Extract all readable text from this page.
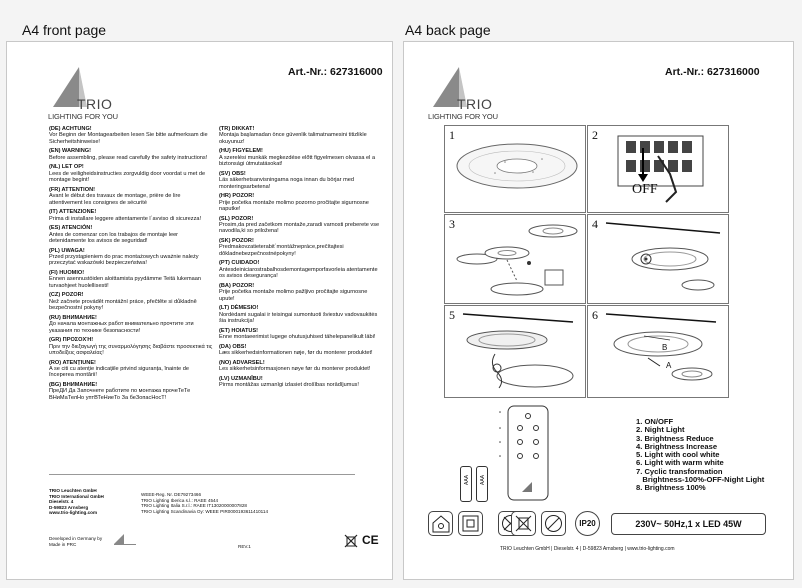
A4 front page	A4 back page
Art.-Nr.: 627316000
TRIO
LIGHTING FOR YOU
(DE) ACHTUNG!
Vor Beginn der Montagearbeiten lesen Sie bitte aufmerksam die Sicherheitshinweise!
(EN) WARNING!
Before assembling, please read carefully the safety instructions!
(NL) LET OP!
Lees de veiligheidsinstructies zorgvuldig door voordat u met de montage begint!
(FR) ATTENTION!
Avant le début des travaux de montage, prière de lire attentivement les consignes de sécurité
(IT) ATTENZIONE!
Prima di installare leggere attentamente l´avviso di sicurezza!
(ES) ATENCIÓN!
Antes de comenzar con los trabajos de montaje leer detenidamente los avisos de seguridad!
(PL) UWAGA!
Przed przystąpieniem do prac montażowych uważnie należy przeczytać wskazówki bezpieczeństwa!
(FI) HUOMIO!
Ennen asennustöiden aloittamista pyydämme Teitä lukemaan turvaohjeet huolellisesti!
(CZ) POZOR!
Než začnete provádět montážní práce, přečtěte si důkladně bezpečnostní pokyny!
(RU) ВНИМАНИЕ!
До начала монтажных работ внимательно прочтите эти указания по технике безопасности!
(GR) ΠΡΟΣΟΧΉ!
Πριν την διεξαγωγή της συναρμολόγησης διαβάστε προσεκτικά τις υποδείξεις ασφαλείας!
(RO) ATENȚIUNE!
A se citi cu atenție indicațiile privind siguranța, înainte de începerea montării!
(BG) ВНИМАНИЕ!
ПреДИ Да Започнете работите по монтажа прочеТеТе ВНиМаТелНо уптВТеНиеТо За беЗопасНосТ!
(TR) DIKKAT!
Montaja başlamadan önce güvenlik talimatnamesini titizlikle okuyunuz!
(HU) FIGYELEM!
A szerelési munkák megkezdése előtt figyelmesen olvassa el a biztonsági útmutatásokat!
(SV) OBS!
Läs säkerhetsanvisningarna noga innan du börjar med monteringsarbetena!
(HR) POZOR!
Prije početka montaže molimo pozorno pročitajte sigurnosne naputke!
(SL) POZOR!
Prosim,da pred začetkom montaže,zaradi varnosti preberete vse navodila,ki so priložena!
(SK) POZOR!
Predmakovzatieterabit´montážnepráce,prečítajtesi dôkladnebezpečnostnépokyny!
(PT) CUIDADO!
Antesdeiniciarostrabalhosdemontagemporfavorleia atentamente os avisos desegurança!
(BA) POZOR!
Prije početka montaže molimo pažljivo pročitajte sigurnosne upute!
(LT) DĖMESIO!
Nordėdami sugalai ir teisingai sumontuoti šviestuv vadovaukitės šia instrukcija!
(ET) HOIATUS!
Enne montaeerimist lugege ohutusjuhised tähelepanelikult läbi!
(DA) OBS!
Læs sikkerhedsinformationen nøje, før du monterer produktet!
(NO) ADVARSEL!
Les sikkerhetsinformasjonen nøye før du monterer produktet!
(LV) UZMANĪBU!
Pirms montāžas uzmanīgi izlasiet drošības norādījumus!
TRIO Leuchten GmbH
TRIO International GmbH
Dieselstr. 4
D-59823 Arnsberg
www.trio-lighting.com
WEEE-Reg. Nr. DE79273466
TRIO Lighting Iberica s.l.: RAEE 4544
TRIO Lighting Italia S.r.l.: RAEE IT13020000007828
TRIO Lighting Scandinavia Oy: WEEE PIR0000193611410114
Developed in Germany by
Made in PRC	REV.1	CE
Art.-Nr.: 627316000
TRIO
LIGHTING FOR YOU
1	2
OFF
3	4
5	6
B
A
AAA AAA
1. ON/OFF
2. Night Light
3. Brightness Reduce
4. Brightness Increase
5. Light with cool white
6. Light with warm white
7. Cyclic transformation
Brightness-100%-OFF-Night Light
8. Brightness 100%
IP20	230V~ 50Hz,1 x LED 45W
TRIO Leuchten GmbH | Dieselstr. 4 | D-59823 Arnsberg | www.trio-lighting.com
